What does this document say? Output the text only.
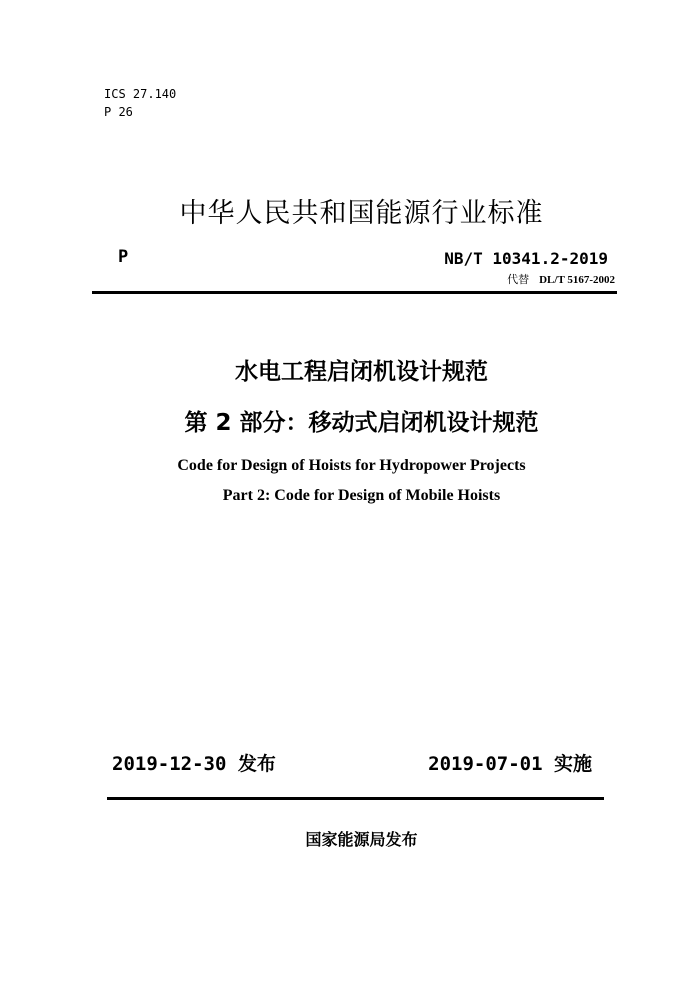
ICS 27.140
P 26
中华人民共和国能源行业标准
P	NB/T 10341.2-2019
代替 DL/T 5167-2002
水电工程启闭机设计规范
第 2 部分：移动式启闭机设计规范
Code for Design of Hoists for Hydropower Projects
Part 2: Code for Design of Mobile Hoists
2019-12-30 发布	2019-07-01 实施
国家能源局发布
